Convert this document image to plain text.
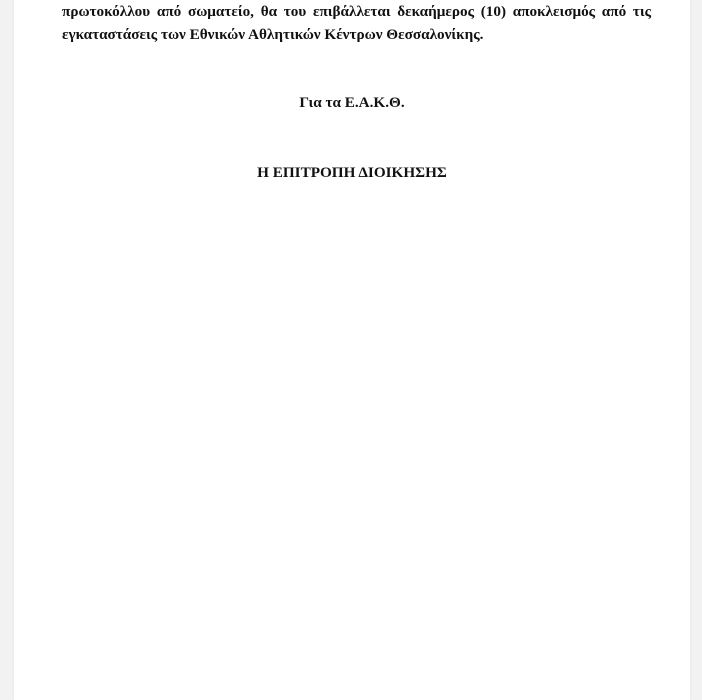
πρωτοκόλλου από σωματείο, θα του επιβάλλεται δεκαήμερος (10) αποκλεισμός από τις

εγκαταστάσεις των Εθνικών Αθλητικών Κέντρων Θεσσαλονίκης.

Για τα Ε.Α.Κ.Θ.

Η ΕΠΙΤΡΟΠΗ ΔΙΟΙΚΗΣΗΣ
